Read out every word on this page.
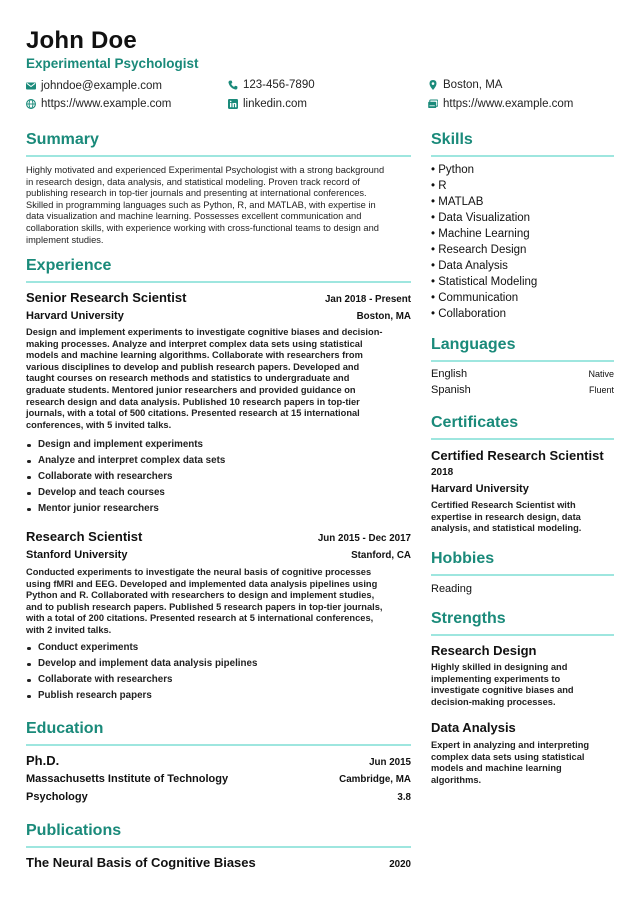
John Doe
Experimental Psychologist
johndoe@example.com	123-456-7890	Boston, MA
https://www.example.com	linkedin.com	https://www.example.com
Summary
Highly motivated and experienced Experimental Psychologist with a strong background
in research design, data analysis, and statistical modeling. Proven track record of
publishing research in top-tier journals and presenting at international conferences.
Skilled in programming languages such as Python, R, and MATLAB, with expertise in
data visualization and machine learning. Possesses excellent communication and
collaboration skills, with experience working with cross-functional teams to design and
implement studies.
Experience
Senior Research Scientist	Jan 2018 - Present
Harvard University	Boston, MA
Design and implement experiments to investigate cognitive biases and decision-
making processes. Analyze and interpret complex data sets using statistical
models and machine learning algorithms. Collaborate with researchers from
various disciplines to develop and publish research papers. Developed and
taught courses on research methods and statistics to undergraduate and
graduate students. Mentored junior researchers and provided guidance on
research design and data analysis. Published 10 research papers in top-tier
journals, with a total of 500 citations. Presented research at 15 international
conferences, with 5 invited talks.
Design and implement experiments
Analyze and interpret complex data sets
Collaborate with researchers
Develop and teach courses
Mentor junior researchers
Research Scientist	Jun 2015 - Dec 2017
Stanford University	Stanford, CA
Conducted experiments to investigate the neural basis of cognitive processes
using fMRI and EEG. Developed and implemented data analysis pipelines using
Python and R. Collaborated with researchers to design and implement studies,
and to publish research papers. Published 5 research papers in top-tier journals,
with a total of 200 citations. Presented research at 5 international conferences,
with 2 invited talks.
Conduct experiments
Develop and implement data analysis pipelines
Collaborate with researchers
Publish research papers
Education
Ph.D.	Jun 2015
Massachusetts Institute of Technology	Cambridge, MA
Psychology	3.8
Publications
The Neural Basis of Cognitive Biases	2020
Skills
• Python
• R
• MATLAB
• Data Visualization
• Machine Learning
• Research Design
• Data Analysis
• Statistical Modeling
• Communication
• Collaboration
Languages
English	Native
Spanish	Fluent
Certificates
Certified Research Scientist
2018
Harvard University
Certified Research Scientist with
expertise in research design, data
analysis, and statistical modeling.
Hobbies
Reading
Strengths
Research Design
Highly skilled in designing and
implementing experiments to
investigate cognitive biases and
decision-making processes.
Data Analysis
Expert in analyzing and interpreting
complex data sets using statistical
models and machine learning
algorithms.
